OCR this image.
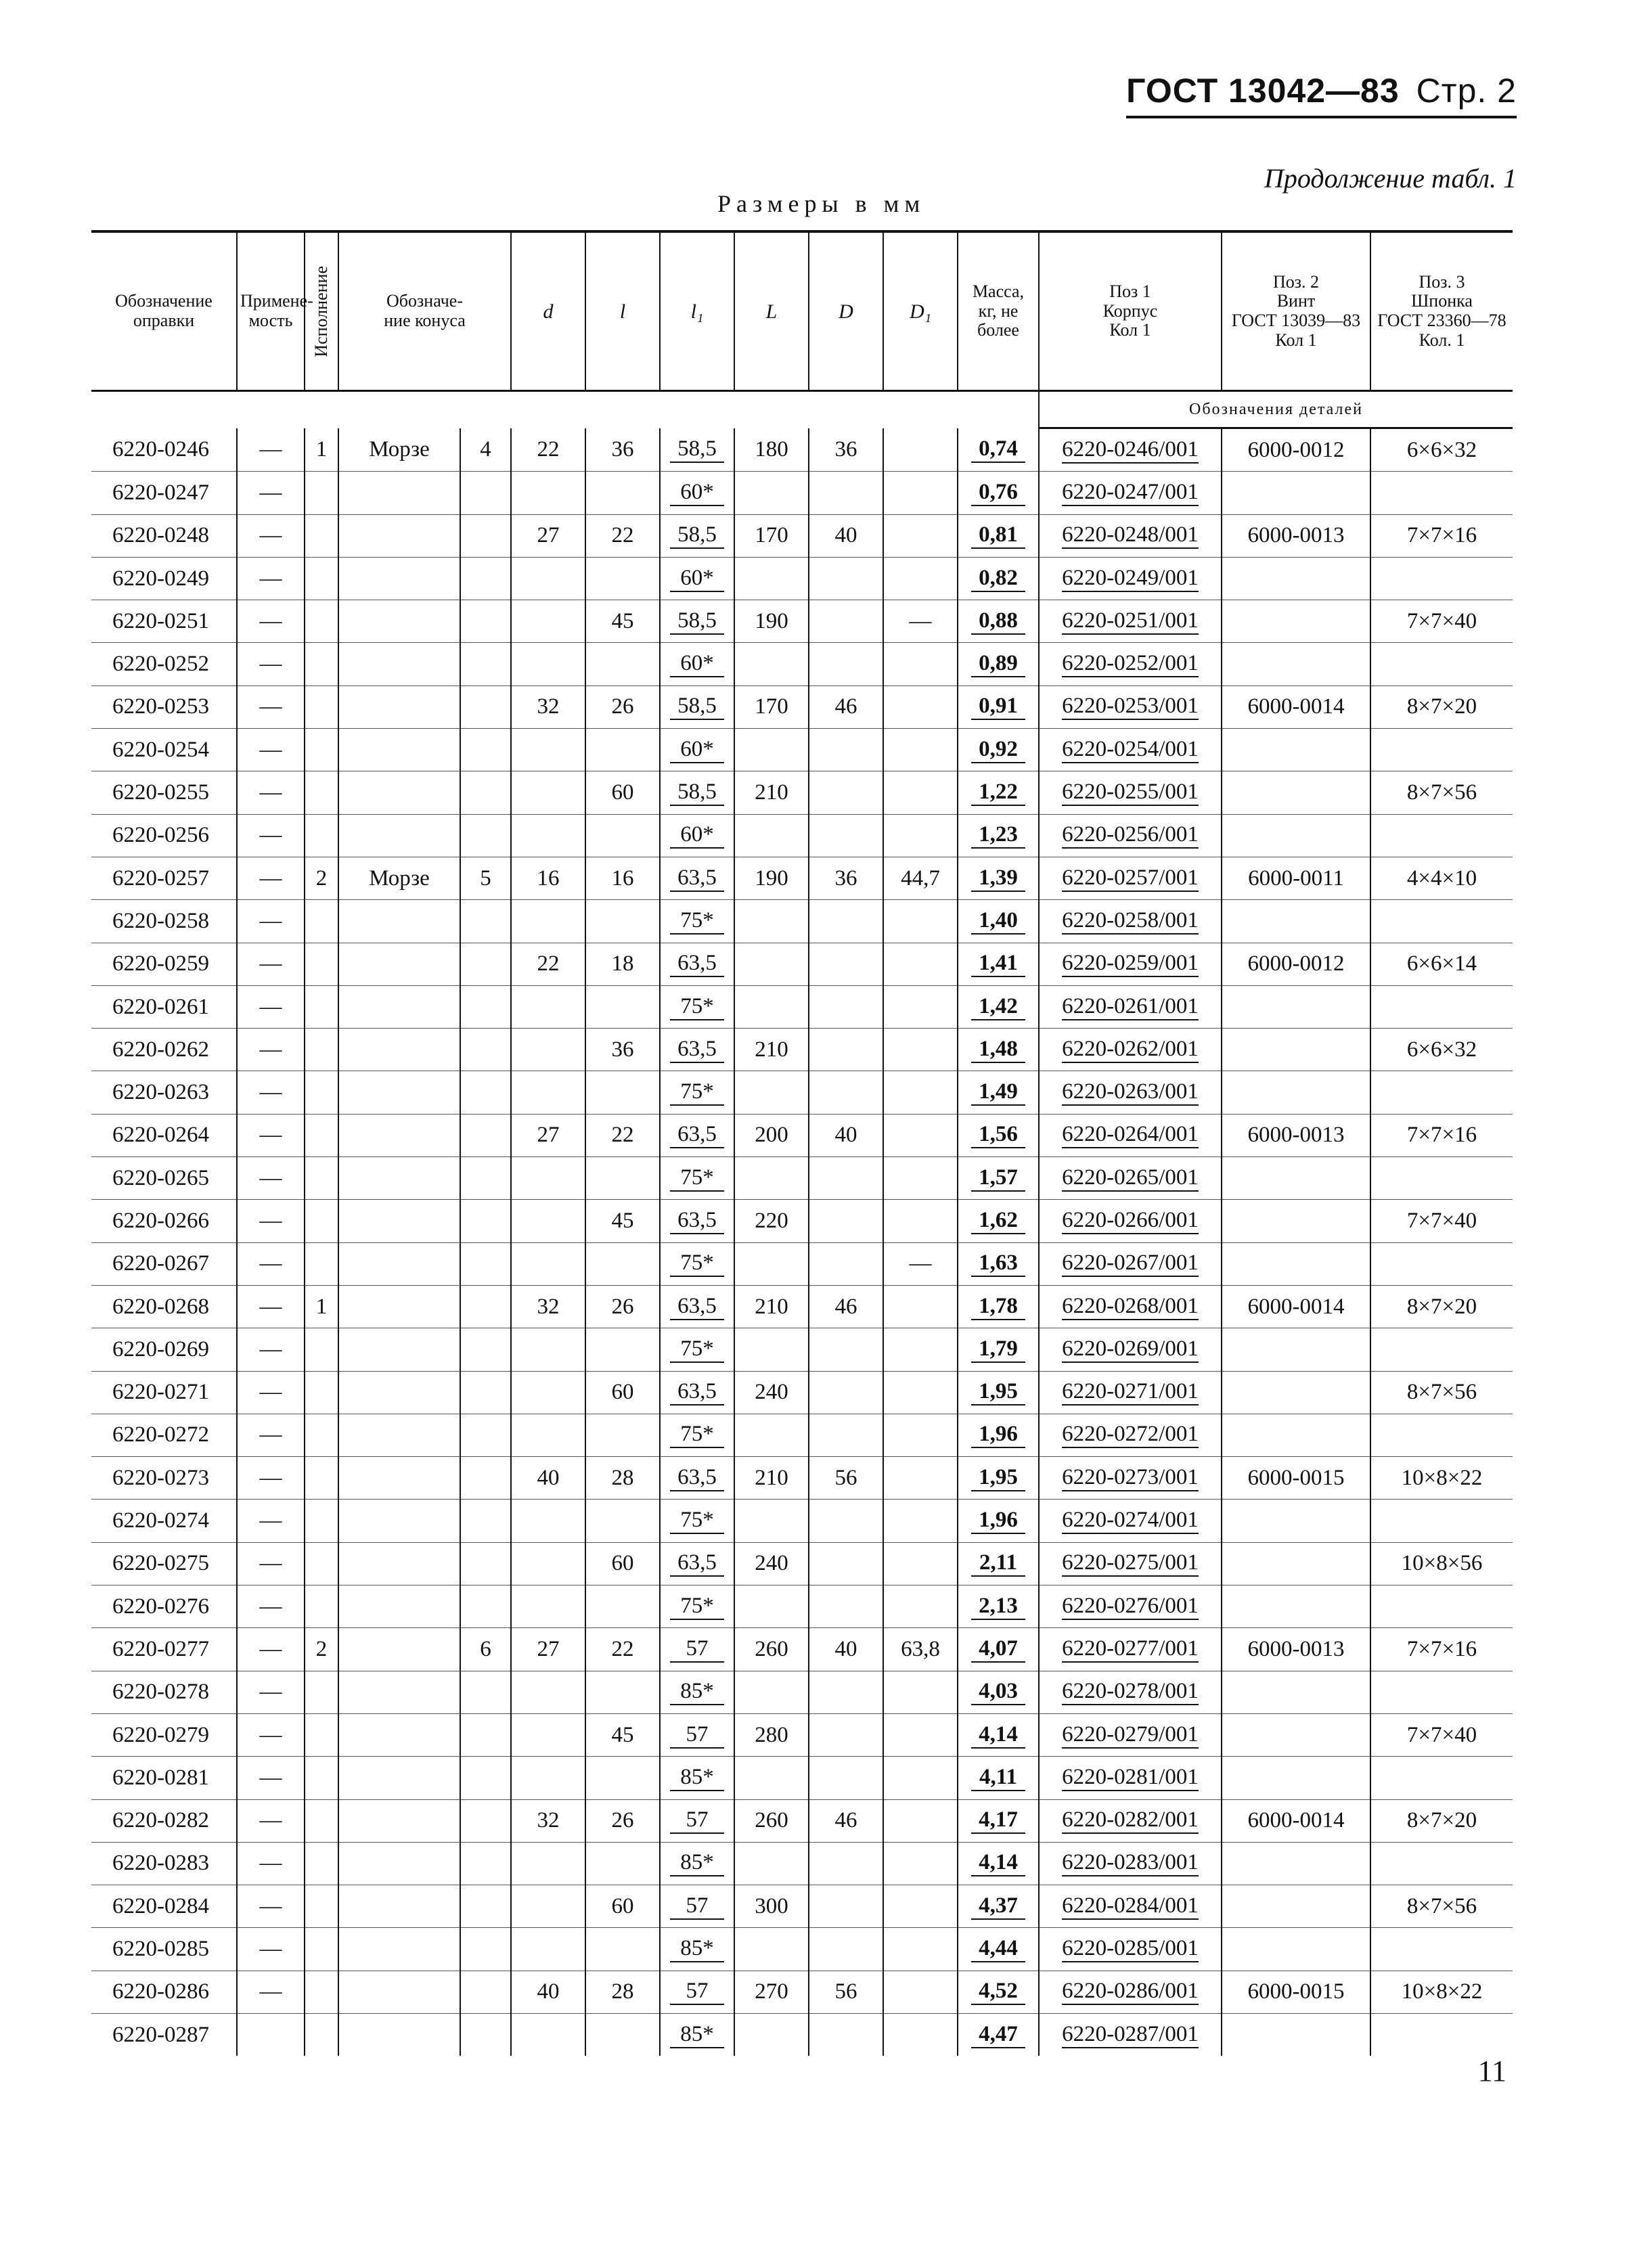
ГОСТ 13042—83 Стр. 2
Продолжение табл. 1
Размеры в мм
Обозначение оправки	Примене-
мость	Исполнение	Обозначе-
ние конуса		d	l	l₁	L	D	D₁	Масса,
кг, не
более	Поз 1
Корпус
Кол 1	Поз. 2
Винт
ГОСТ 13039—83
Кол 1	Поз. 3
Шпонка
ГОСТ 23360—78
Кол. 1

												Обозначения деталей		
6220-0246	—	1	Морзе	4	22	36	58,5	180	36		0,74	6220-0246/001	6000-0012	6×6×32
6220-0247	—						60*				0,76	6220-0247/001		
6220-0248	—				27	22	58,5	170	40		0,81	6220-0248/001	6000-0013	7×7×16
6220-0249	—						60*				0,82	6220-0249/001		
6220-0251	—					45	58,5	190		—	0,88	6220-0251/001		7×7×40
6220-0252	—						60*				0,89	6220-0252/001		
6220-0253	—				32	26	58,5	170	46		0,91	6220-0253/001	6000-0014	8×7×20
6220-0254	—						60*				0,92	6220-0254/001		
6220-0255	—					60	58,5	210			1,22	6220-0255/001		8×7×56
6220-0256	—						60*				1,23	6220-0256/001		
6220-0257	—	2	Морзе	5	16	16	63,5	190	36	44,7	1,39	6220-0257/001	6000-0011	4×4×10
6220-0258	—						75*				1,40	6220-0258/001		
6220-0259	—				22	18	63,5				1,41	6220-0259/001	6000-0012	6×6×14
6220-0261	—						75*				1,42	6220-0261/001		
6220-0262	—					36	63,5	210			1,48	6220-0262/001		6×6×32
6220-0263	—						75*				1,49	6220-0263/001		
6220-0264	—				27	22	63,5	200	40		1,56	6220-0264/001	6000-0013	7×7×16
6220-0265	—						75*				1,57	6220-0265/001		
6220-0266	—					45	63,5	220			1,62	6220-0266/001		7×7×40
6220-0267	—						75*			—	1,63	6220-0267/001		
6220-0268	—	1			32	26	63,5	210	46		1,78	6220-0268/001	6000-0014	8×7×20
6220-0269	—						75*				1,79	6220-0269/001		
6220-0271	—					60	63,5	240			1,95	6220-0271/001		8×7×56
6220-0272	—						75*				1,96	6220-0272/001		
6220-0273	—				40	28	63,5	210	56		1,95	6220-0273/001	6000-0015	10×8×22
6220-0274	—						75*				1,96	6220-0274/001		
6220-0275	—					60	63,5	240			2,11	6220-0275/001		10×8×56
6220-0276	—						75*				2,13	6220-0276/001		
6220-0277	—	2		6	27	22	57	260	40	63,8	4,07	6220-0277/001	6000-0013	7×7×16
6220-0278	—						85*				4,03	6220-0278/001		
6220-0279	—					45	57	280			4,14	6220-0279/001		7×7×40
6220-0281	—						85*				4,11	6220-0281/001		
6220-0282	—				32	26	57	260	46		4,17	6220-0282/001	6000-0014	8×7×20
6220-0283	—						85*				4,14	6220-0283/001		
6220-0284	—					60	57	300			4,37	6220-0284/001		8×7×56
6220-0285	—						85*				4,44	6220-0285/001		
6220-0286	—				40	28	57	270	56		4,52	6220-0286/001	6000-0015	10×8×22
6220-0287							85*				4,47	6220-0287/001		
11
